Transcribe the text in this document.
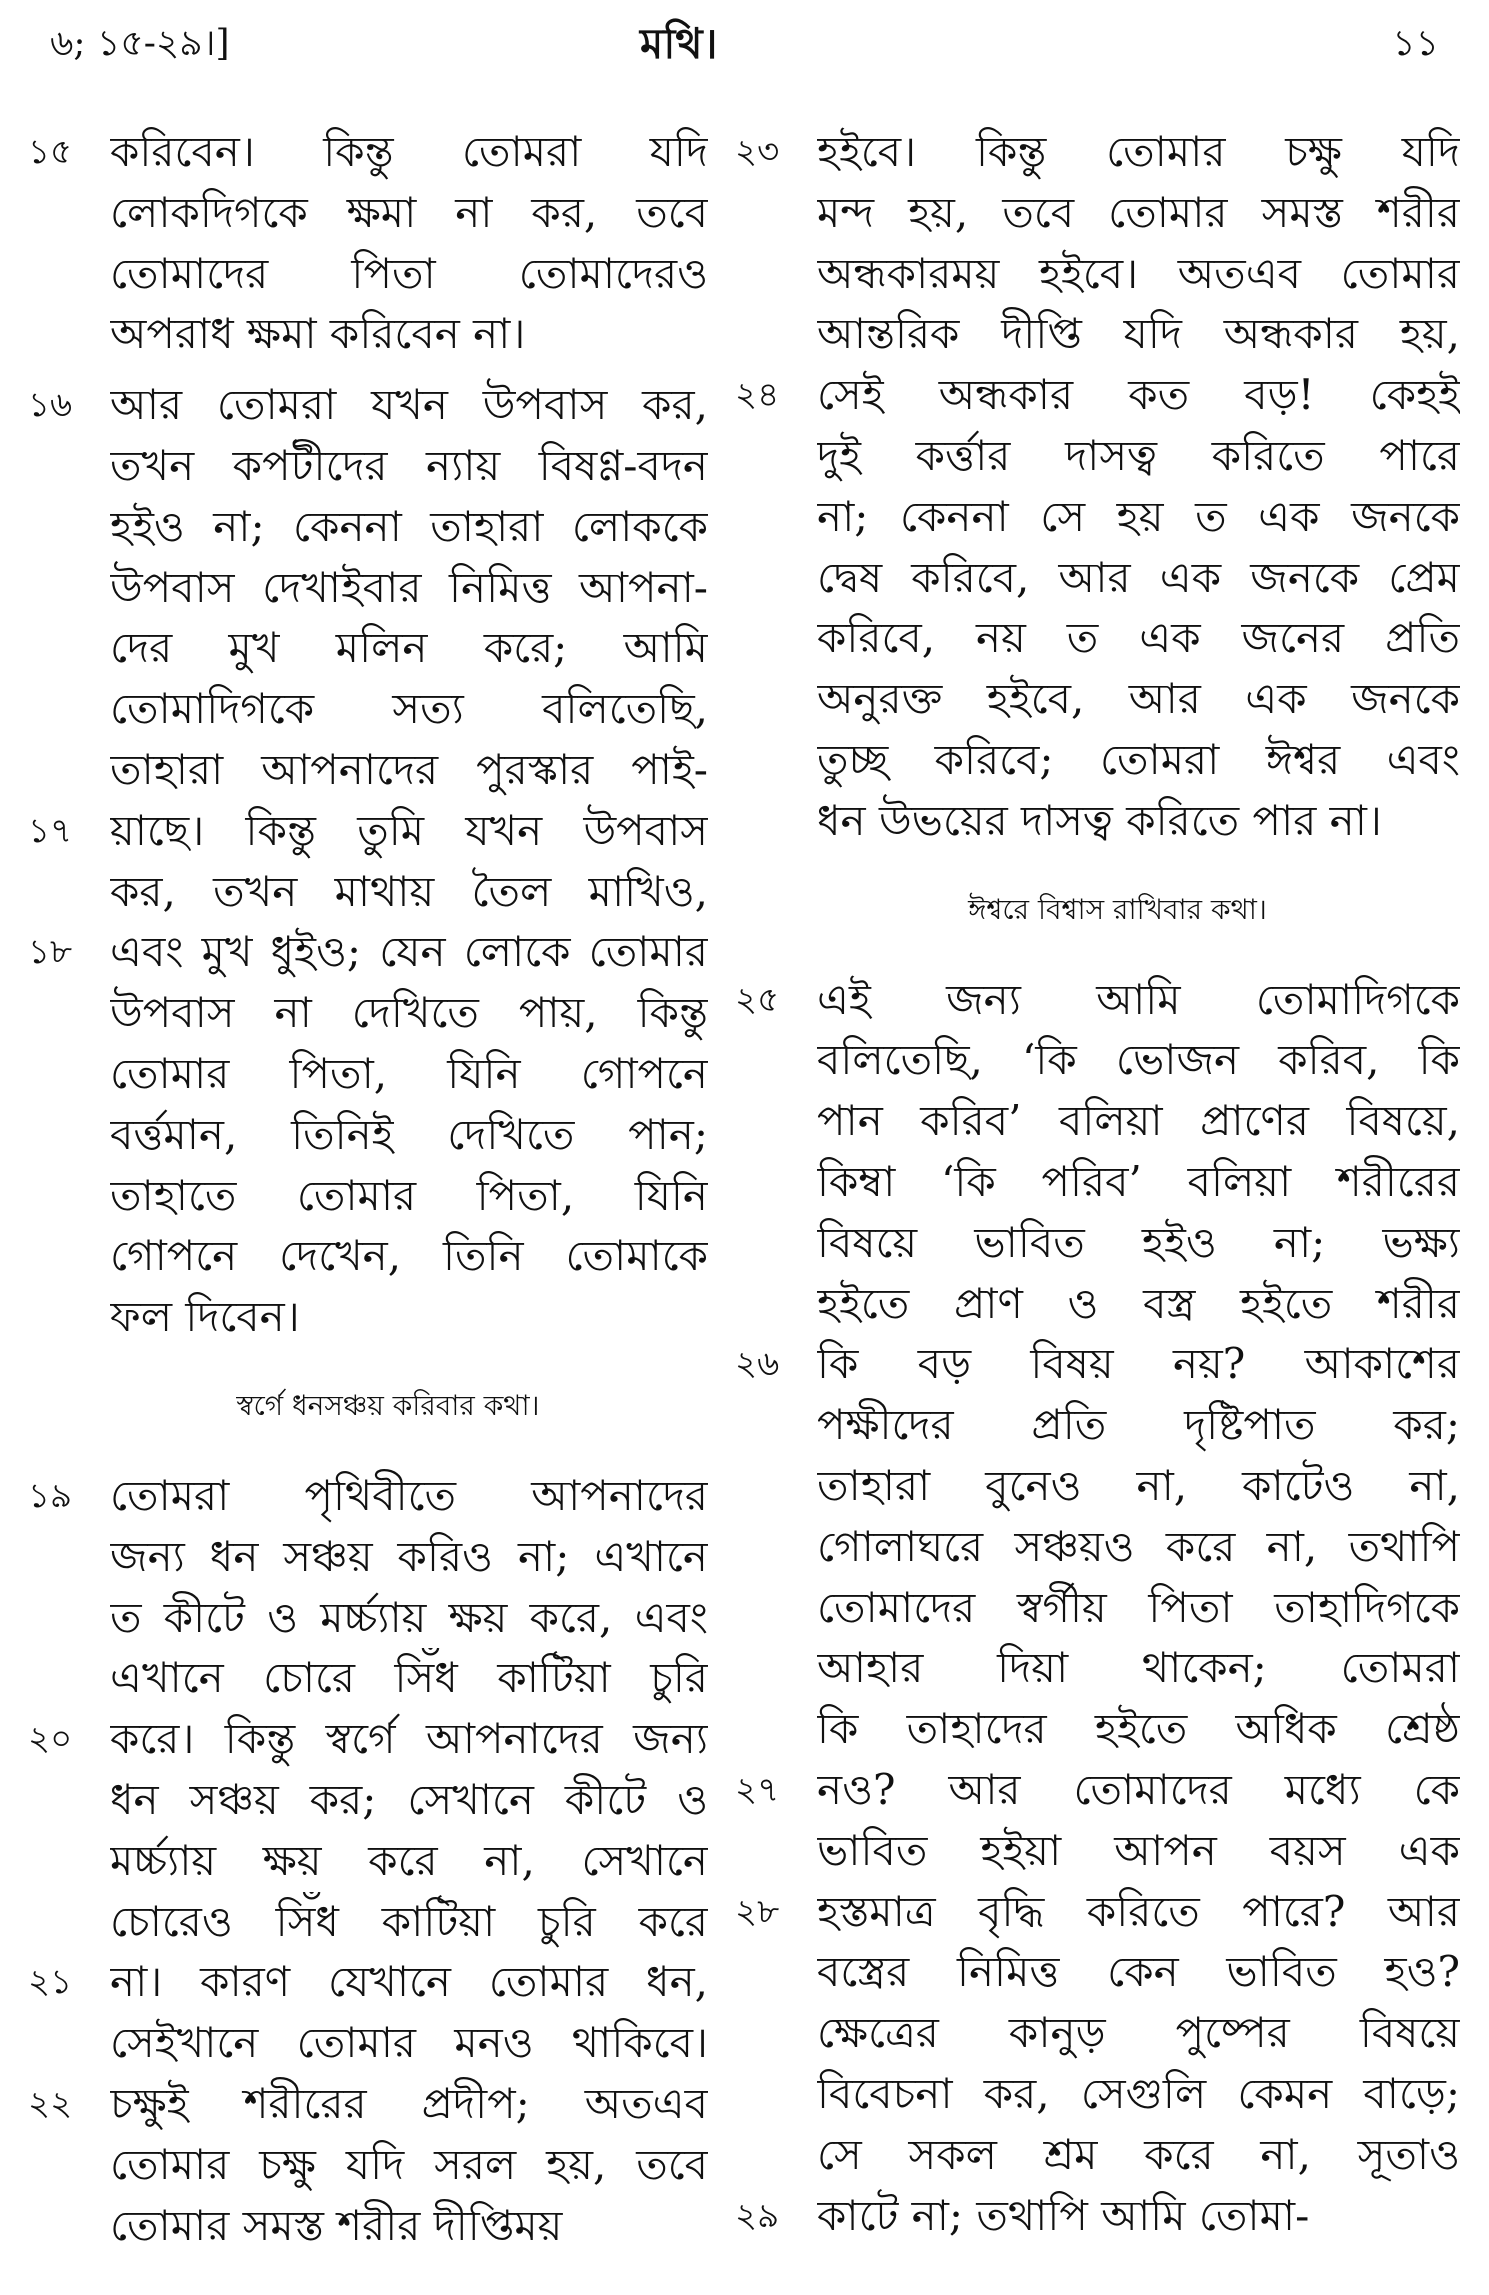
৬; ১৫-২৯।]	মথি।	১১
১৫ করিবেন। কিন্তু তোমরা যদি
লোকদিগকে ক্ষমা না কর, তবে
তোমাদের পিতা তোমাদেরও
অপরাধ ক্ষমা করিবেন না।
১৬ আর তোমরা যখন উপবাস কর,
তখন কপটীদের ন্যায় বিষণ্ণ-বদন
হইও না; কেননা তাহারা লোককে
উপবাস দেখাইবার নিমিত্ত আপনা-
দের মুখ মলিন করে; আমি
তোমাদিগকে সত্য বলিতেছি,
তাহারা আপনাদের পুরস্কার পাই-
১৭ য়াছে। কিন্তু তুমি যখন উপবাস
কর, তখন মাথায় তৈল মাখিও,
১৮ এবং মুখ ধুইও; যেন লোকে তোমার
উপবাস না দেখিতে পায়, কিন্তু
তোমার পিতা, যিনি গোপনে
বর্ত্তমান, তিনিই দেখিতে পান;
তাহাতে তোমার পিতা, যিনি
গোপনে দেখেন, তিনি তোমাকে
ফল দিবেন।
স্বর্গে ধনসঞ্চয় করিবার কথা।
১৯ তোমরা পৃথিবীতে আপনাদের
জন্য ধন সঞ্চয় করিও না; এখানে
ত কীটে ও মর্চ্চ্যায় ক্ষয় করে, এবং
এখানে চোরে সিঁধ কাটিয়া চুরি
২০ করে। কিন্তু স্বর্গে আপনাদের জন্য
ধন সঞ্চয় কর; সেখানে কীটে ও
মর্চ্চ্যায় ক্ষয় করে না, সেখানে
চোরেও সিঁধ কাটিয়া চুরি করে
২১ না। কারণ যেখানে তোমার ধন,
সেইখানে তোমার মনও থাকিবে।
২২ চক্ষুই শরীরের প্রদীপ; অতএব
তোমার চক্ষু যদি সরল হয়, তবে
তোমার সমস্ত শরীর দীপ্তিময়
২৩ হইবে। কিন্তু তোমার চক্ষু যদি
মন্দ হয়, তবে তোমার সমস্ত শরীর
অন্ধকারময় হইবে। অতএব তোমার
আন্তরিক দীপ্তি যদি অন্ধকার হয়,
২৪ সেই অন্ধকার কত বড়! কেহই
দুই কর্ত্তার দাসত্ব করিতে পারে
না; কেননা সে হয় ত এক জনকে
দ্বেষ করিবে, আর এক জনকে প্রেম
করিবে, নয় ত এক জনের প্রতি
অনুরক্ত হইবে, আর এক জনকে
তুচ্ছ করিবে; তোমরা ঈশ্বর এবং
ধন উভয়ের দাসত্ব করিতে পার না।
ঈশ্বরে বিশ্বাস রাখিবার কথা।
২৫ এই জন্য আমি তোমাদিগকে
বলিতেছি, ‘কি ভোজন করিব, কি
পান করিব’ বলিয়া প্রাণের বিষয়ে,
কিম্বা ‘কি পরিব’ বলিয়া শরীরের
বিষয়ে ভাবিত হইও না; ভক্ষ্য
হইতে প্রাণ ও বস্ত্র হইতে শরীর
২৬ কি বড় বিষয় নয়? আকাশের
পক্ষীদের প্রতি দৃষ্টিপাত কর;
তাহারা বুনেও না, কাটেও না,
গোলাঘরে সঞ্চয়ও করে না, তথাপি
তোমাদের স্বর্গীয় পিতা তাহাদিগকে
আহার দিয়া থাকেন; তোমরা
কি তাহাদের হইতে অধিক শ্রেষ্ঠ
২৭ নও? আর তোমাদের মধ্যে কে
ভাবিত হইয়া আপন বয়স এক
২৮ হস্তমাত্র বৃদ্ধি করিতে পারে? আর
বস্ত্রের নিমিত্ত কেন ভাবিত হও?
ক্ষেত্রের কানুড় পুষ্পের বিষয়ে
বিবেচনা কর, সেগুলি কেমন বাড়ে;
সে সকল শ্রম করে না, সূতাও
২৯ কাটে না; তথাপি আমি তোমা-
